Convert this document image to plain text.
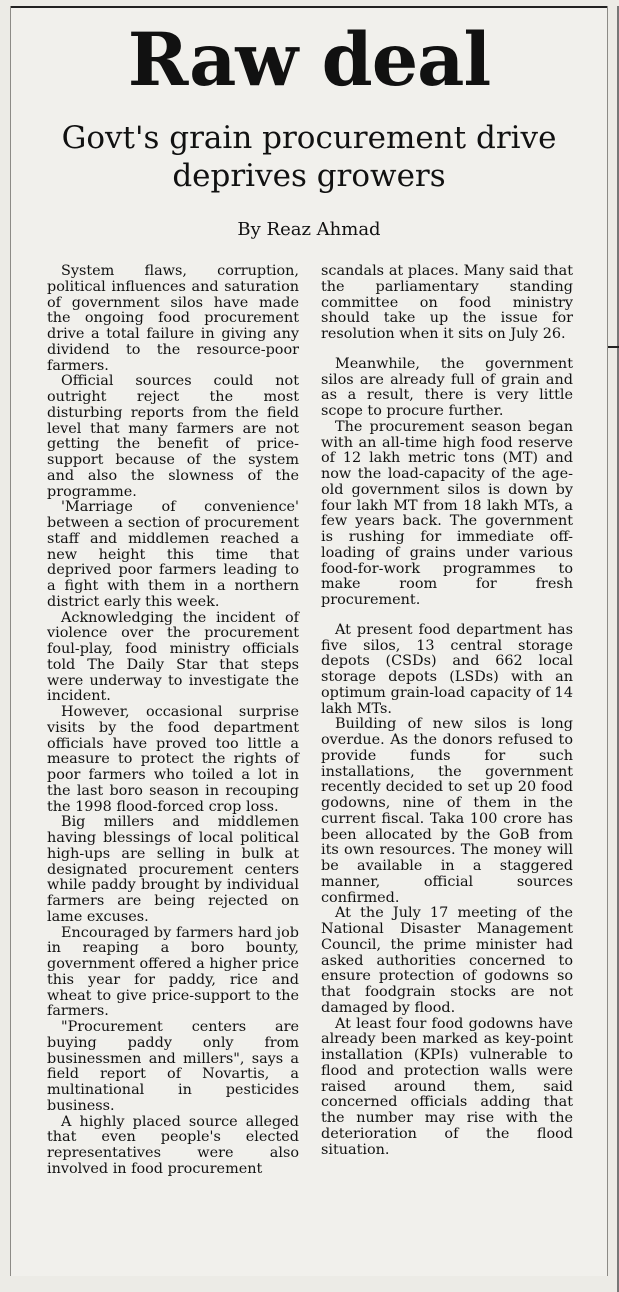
Raw deal
Govt's grain procurement drive deprives growers
By Reaz Ahmad

System flaws, corruption, political influences and saturation of government silos have made the ongoing food procurement drive a total failure in giving any dividend to the resource-poor farmers.

Official sources could not outright reject the most disturbing reports from the field level that many farmers are not getting the benefit of price-support because of the system and also the slowness of the programme.

'Marriage of convenience' between a section of procurement staff and middlemen reached a new height this time that deprived poor farmers leading to a fight with them in a northern district early this week.

Acknowledging the incident of violence over the procurement foul-play, food ministry officials told The Daily Star that steps were underway to investigate the incident.

However, occasional surprise visits by the food department officials have proved too little a measure to protect the rights of poor farmers who toiled a lot in the last boro season in recouping the 1998 flood-forced crop loss.

Big millers and middlemen having blessings of local political high-ups are selling in bulk at designated procurement centers while paddy brought by individual farmers are being rejected on lame excuses.

Encouraged by farmers hard job in reaping a boro bounty, government offered a higher price this year for paddy, rice and wheat to give price-support to the farmers.

"Procurement centers are buying paddy only from businessmen and millers", says a field report of Novartis, a multinational in pesticides business.

A highly placed source alleged that even people's elected representatives were also involved in food procurement

scandals at places. Many said that the parliamentary standing committee on food ministry should take up the issue for resolution when it sits on July 26.

Meanwhile, the government silos are already full of grain and as a result, there is very little scope to procure further.

The procurement season began with an all-time high food reserve of 12 lakh metric tons (MT) and now the load-capacity of the age-old government silos is down by four lakh MT from 18 lakh MTs, a few years back. The government is rushing for immediate off-loading of grains under various food-for-work programmes to make room for fresh procurement.

At present food department has five silos, 13 central storage depots (CSDs) and 662 local storage depots (LSDs) with an optimum grain-load capacity of 14 lakh MTs.

Building of new silos is long overdue. As the donors refused to provide funds for such installations, the government recently decided to set up 20 food godowns, nine of them in the current fiscal. Taka 100 crore has been allocated by the GoB from its own resources. The money will be available in a staggered manner, official sources confirmed.

At the July 17 meeting of the National Disaster Management Council, the prime minister had asked authorities concerned to ensure protection of godowns so that foodgrain stocks are not damaged by flood.

At least four food godowns have already been marked as key-point installation (KPIs) vulnerable to flood and protection walls were raised around them, said concerned officials adding that the number may rise with the deterioration of the flood situation.
